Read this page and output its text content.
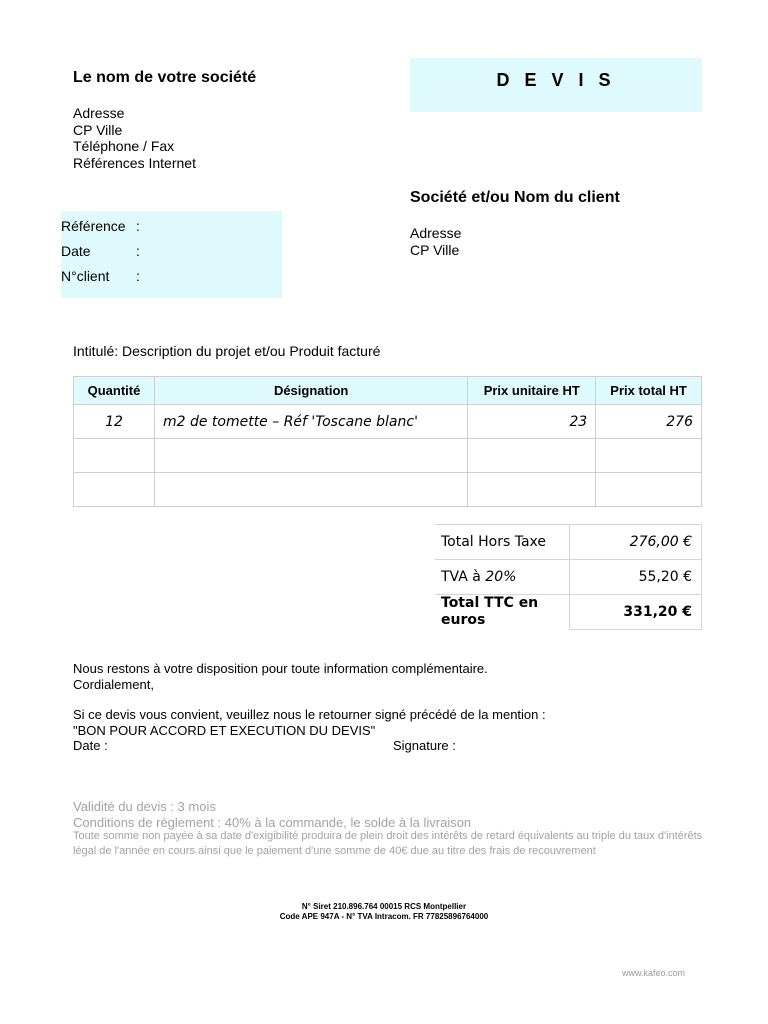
Le nom de votre société
Adresse
CP Ville
Téléphone / Fax
Références Internet
D E V I S
Référence :
Date	:
N°client :
Société et/ou Nom du client
Adresse
CP Ville
Intitulé: Description du projet et/ou Produit facturé
Quantité	Désignation	Prix unitaire HT	Prix total HT
12	m2 de tomette – Réf 'Toscane blanc'	23	276

Total Hors Taxe	276,00 €
TVA à 20%	55,20 €
Total TTC en euros	331,20 €
Nous restons à votre disposition pour toute information complémentaire.
Cordialement,
Si ce devis vous convient, veuillez nous le retourner signé précédé de la mention :
"BON POUR ACCORD ET EXECUTION DU DEVIS"
Date :	Signature :
Validité du devis : 3 mois
Conditions de règlement : 40% à la commande, le solde à la livraison
Toute somme non payée à sa date d'exigibilité produira de plein droit des intérêts de retard équivalents au triple du taux d'intérêts légal de l'année en cours ainsi que le paiement d'une somme de 40€ due au titre des frais de recouvrement
N° Siret 210.896.764 00015 RCS Montpellier
Code APE 947A - N° TVA Intracom. FR 77825896764000
www.kafeo.com
